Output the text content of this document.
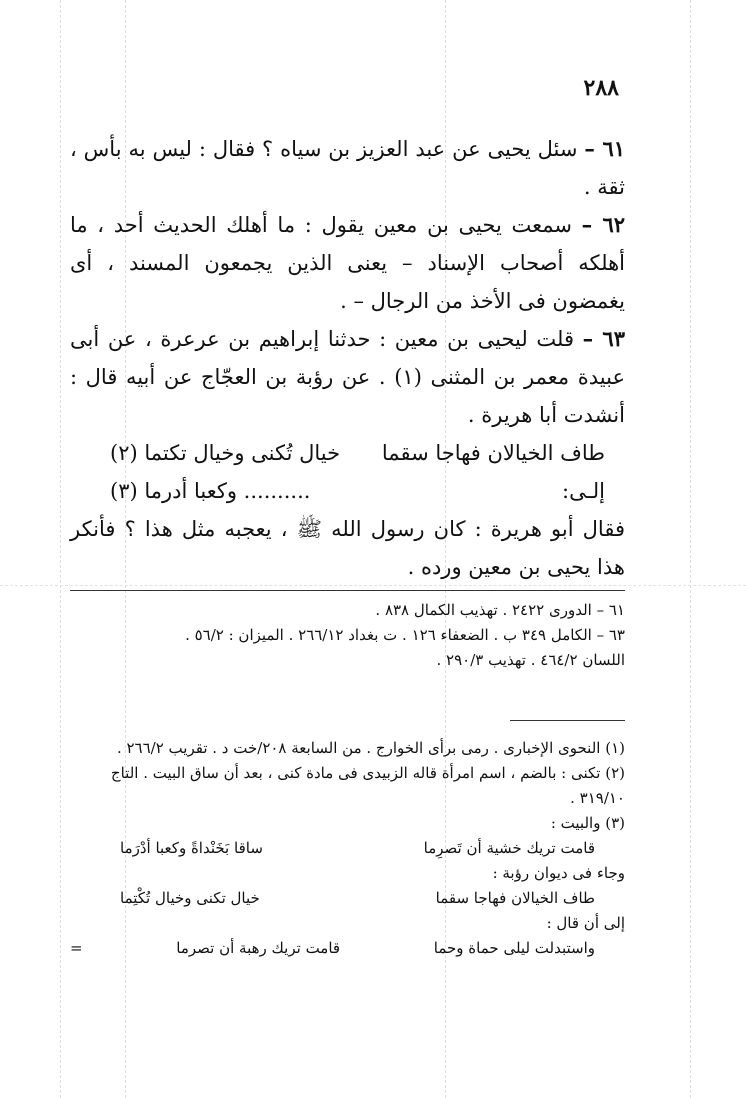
٢٨٨

٦١ – سئل يحيى عن عبد العزيز بن سياه ؟ فقال : ليس به بأس ، ثقة .

٦٢ – سمعت يحيى بن معين يقول : ما أهلك الحديث أحد ، ما أهلكه أصحاب الإسناد – يعنى الذين يجمعون المسند ، أى يغمضون فى الأخذ من الرجال – .

٦٣ – قلت ليحيى بن معين : حدثنا إبراهيم بن عرعرة ، عن أبى عبيدة معمر بن المثنى (١) . عن رؤبة بن العجّاج عن أبيه قال : أنشدت أبا هريرة .

طاف الخيالان فهاجا سقما
خيال تُكنى وخيال تكتما (٢)
إلـى:
.......... وكعبا أدرما (٣)

فقال أبو هريرة : كان رسول الله ﷺ ، يعجبه مثل هذا ؟ فأنكر هذا يحيى بن معين ورده .

٦١ – الدورى ٢٤٢٢ . تهذيب الكمال ٨٣٨ .

٦٣ – الكامل ٣٤٩ ب . الضعفاء ١٢٦ . ت بغداد ٢٦٦/١٢ . الميزان : ٥٦/٢ .

اللسان ٤٦٤/٢ . تهذيب ٢٩٠/٣ .

(١) النحوى الإخبارى . رمى برأى الخوارج . من السابعة ٢٠٨/خت د . تقريب ٢٦٦/٢ .

(٢) تكنى : بالضم ، اسم امرأة قاله الزبيدى فى مادة كنى ، بعد أن ساق البيت . التاج ٣١٩/١٠ .

(٣) والبيت :

قامت تريك خشية أن تَصرِما
ساقا بَخَنْداةً وكعبا أدْرَما

وجاء فى ديوان رؤبة :

طاف الخيالان فهاجا سقما
خيال تكنى وخيال تُكْتِما

إلى أن قال :

واستبدلت ليلى حماة وحما
قامت تريك رهبة أن تصرما
=
